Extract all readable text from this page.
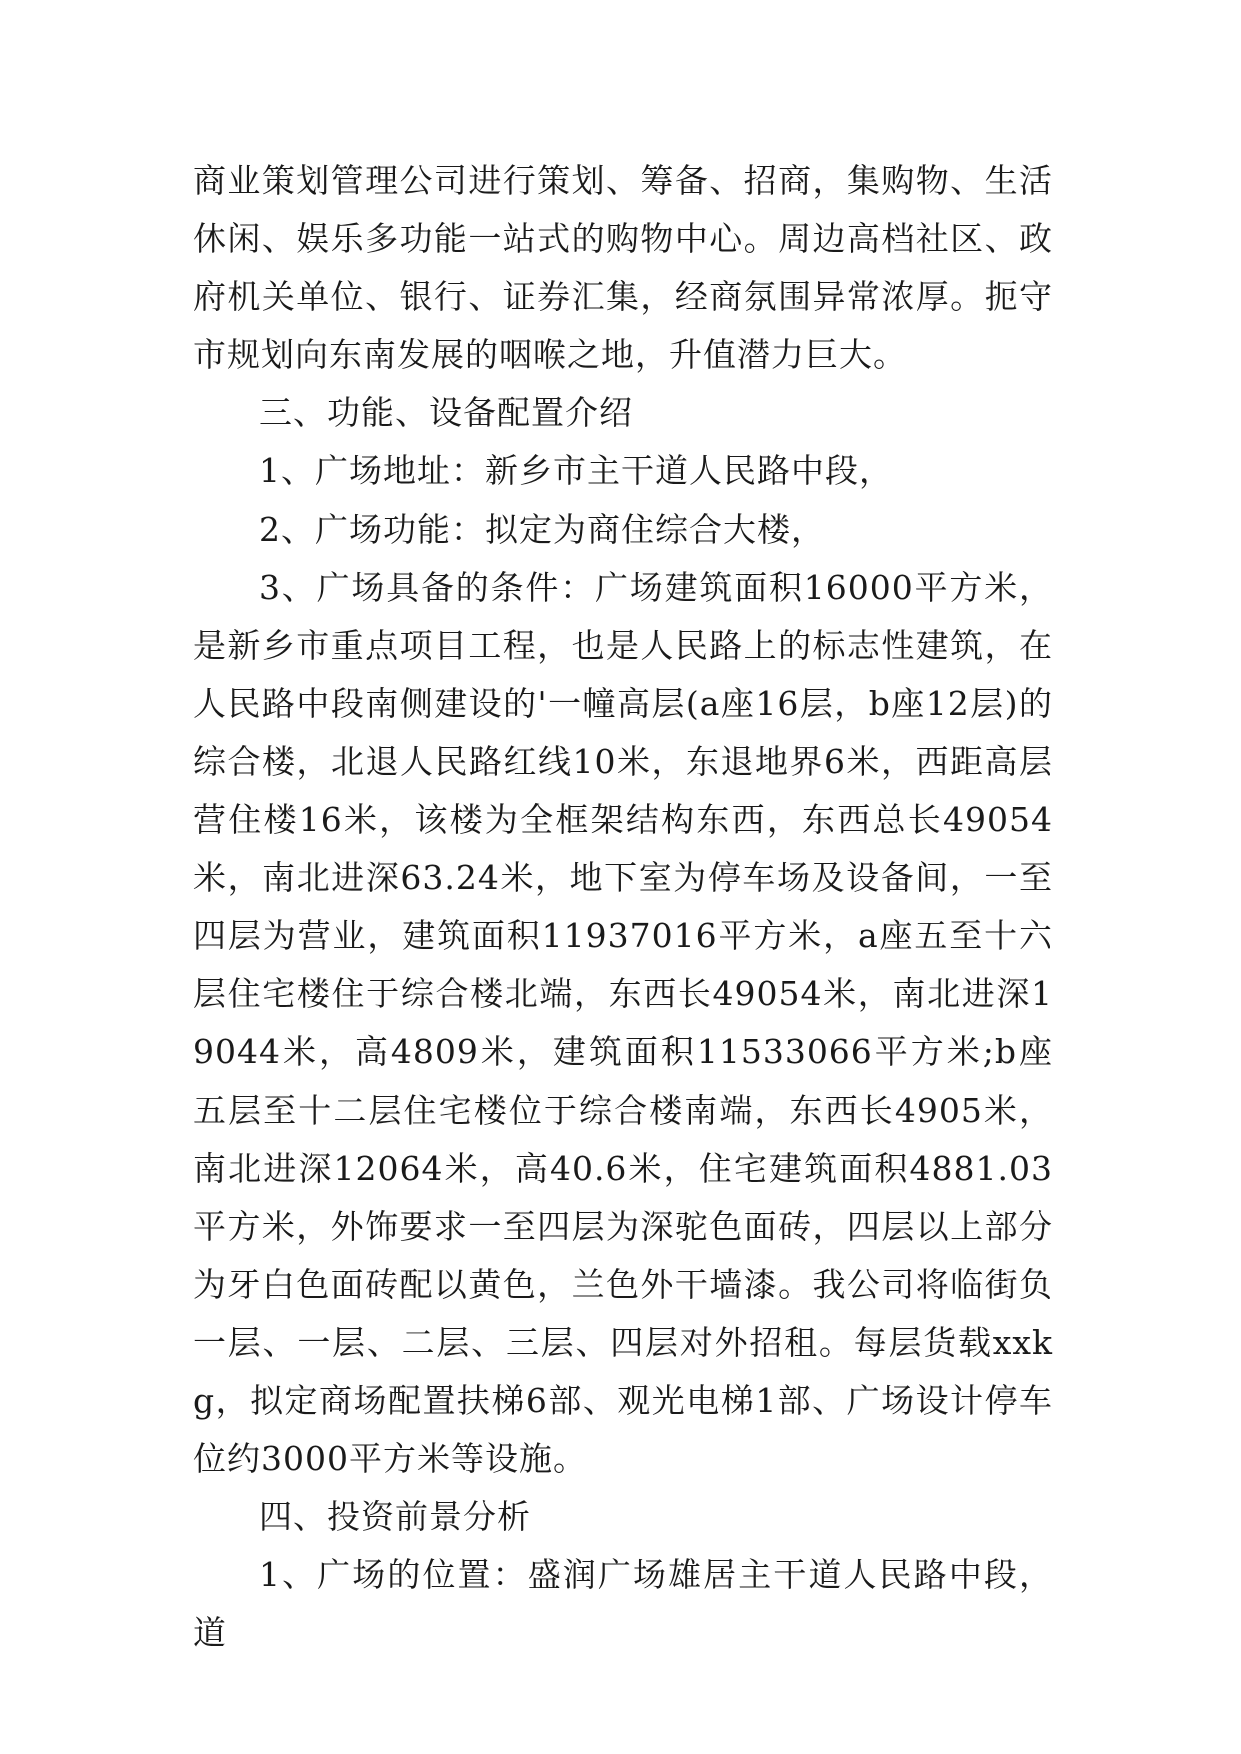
商业策划管理公司进行策划、筹备、招商，集购物、生活休闲、娱乐多功能一站式的购物中心。周边高档社区、政府机关单位、银行、证券汇集，经商氛围异常浓厚。扼守市规划向东南发展的咽喉之地，升值潜力巨大。

三、功能、设备配置介绍

1、广场地址：新乡市主干道人民路中段，

2、广场功能：拟定为商住综合大楼，

3、广场具备的条件：广场建筑面积16000平方米，是新乡市重点项目工程，也是人民路上的标志性建筑，在人民路中段南侧建设的'一幢高层(a座16层，b座12层)的综合楼，北退人民路红线10米，东退地界6米，西距高层营住楼16米，该楼为全框架结构东西，东西总长49054米，南北进深63.24米，地下室为停车场及设备间，一至四层为营业，建筑面积11937016平方米，a座五至十六层住宅楼住于综合楼北端，东西长49054米，南北进深19044米，高4809米，建筑面积11533066平方米;b座五层至十二层住宅楼位于综合楼南端，东西长4905米，南北进深12064米，高40.6米，住宅建筑面积4881.03平方米，外饰要求一至四层为深驼色面砖，四层以上部分为牙白色面砖配以黄色，兰色外干墙漆。我公司将临街负一层、一层、二层、三层、四层对外招租。每层货载xxkg，拟定商场配置扶梯6部、观光电梯1部、广场设计停车位约3000平方米等设施。

四、投资前景分析

1、广场的位置：盛润广场雄居主干道人民路中段，道
